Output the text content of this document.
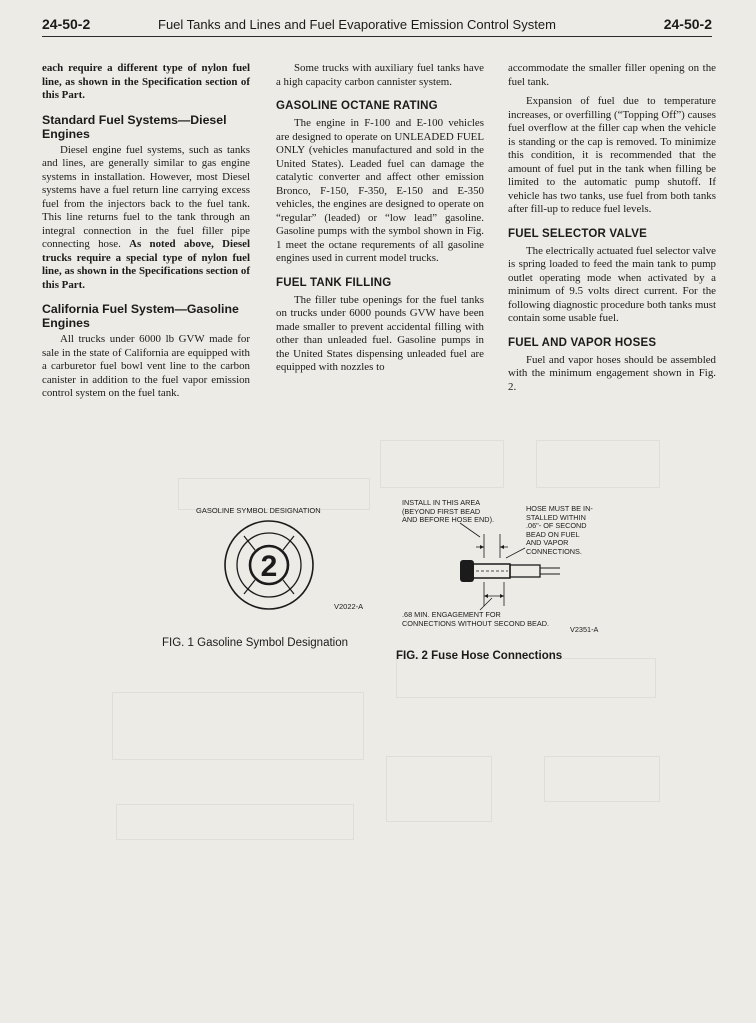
24-50-2	Fuel Tanks and Lines and Fuel Evaporative Emission Control System	24-50-2

each require a different type of nylon fuel line, as shown in the Specification section of this Part.

Standard Fuel Systems—Diesel Engines

Diesel engine fuel systems, such as tanks and lines, are generally similar to gas engine systems in installation. However, most Diesel systems have a fuel return line carrying excess fuel from the injectors back to the fuel tank. This line returns fuel to the tank through an integral connection in the fuel filler pipe connecting hose. As noted above, Diesel trucks require a special type of nylon fuel line, as shown in the Specifications section of this Part.

California Fuel System—Gasoline Engines

All trucks under 6000 lb GVW made for sale in the state of California are equipped with a carburetor fuel bowl vent line to the carbon canister in addition to the fuel vapor emission control system on the fuel tank.

Some trucks with auxiliary fuel tanks have a high capacity carbon cannister system.

GASOLINE OCTANE RATING

The engine in F-100 and E-100 vehicles are designed to operate on UNLEADED FUEL ONLY (vehicles manufactured and sold in the United States). Leaded fuel can damage the catalytic converter and affect other emission Bronco, F-150, F-350, E-150 and E-350 vehicles, the engines are designed to operate on “regular” (leaded) or “low lead” gasoline. Gasoline pumps with the symbol shown in Fig. 1 meet the octane requrements of all gasoline engines used in current model trucks.

FUEL TANK FILLING

The filler tube openings for the fuel tanks on trucks under 6000 pounds GVW have been made smaller to prevent accidental filling with other than unleaded fuel. Gasoline pumps in the United States dispensing unleaded fuel are equipped with nozzles to

accommodate the smaller filler opening on the fuel tank.

Expansion of fuel due to temperature increases, or overfilling (“Topping Off”) causes fuel overflow at the filler cap when the vehicle is standing or the cap is removed. To minimize this condition, it is recommended that the amount of fuel put in the tank when filling be limited to the automatic pump shutoff. If vehicle has two tanks, use fuel from both tanks after fill-up to reduce fuel levels.

FUEL SELECTOR VALVE

The electrically actuated fuel selector valve is spring loaded to feed the main tank to pump outlet operating mode when activated by a minimum of 9.5 volts direct current. For the following diagnostic procedure both tanks must contain some usable fuel.

FUEL AND VAPOR HOSES

Fuel and vapor hoses should be assembled with the minimum engagement shown in Fig. 2.

GASOLINE SYMBOL DESIGNATION
2
V2022-A
FIG. 1 Gasoline Symbol Designation
INSTALL IN THIS AREA
(BEYOND FIRST BEAD
AND BEFORE HOSE END).
HOSE MUST BE IN-
STALLED WITHIN
.06"- OF SECOND
BEAD ON FUEL
AND VAPOR
CONNECTIONS.
.68 MIN. ENGAGEMENT FOR
CONNECTIONS WITHOUT SECOND BEAD.
V2351-A
FIG. 2 Fuse Hose Connections
